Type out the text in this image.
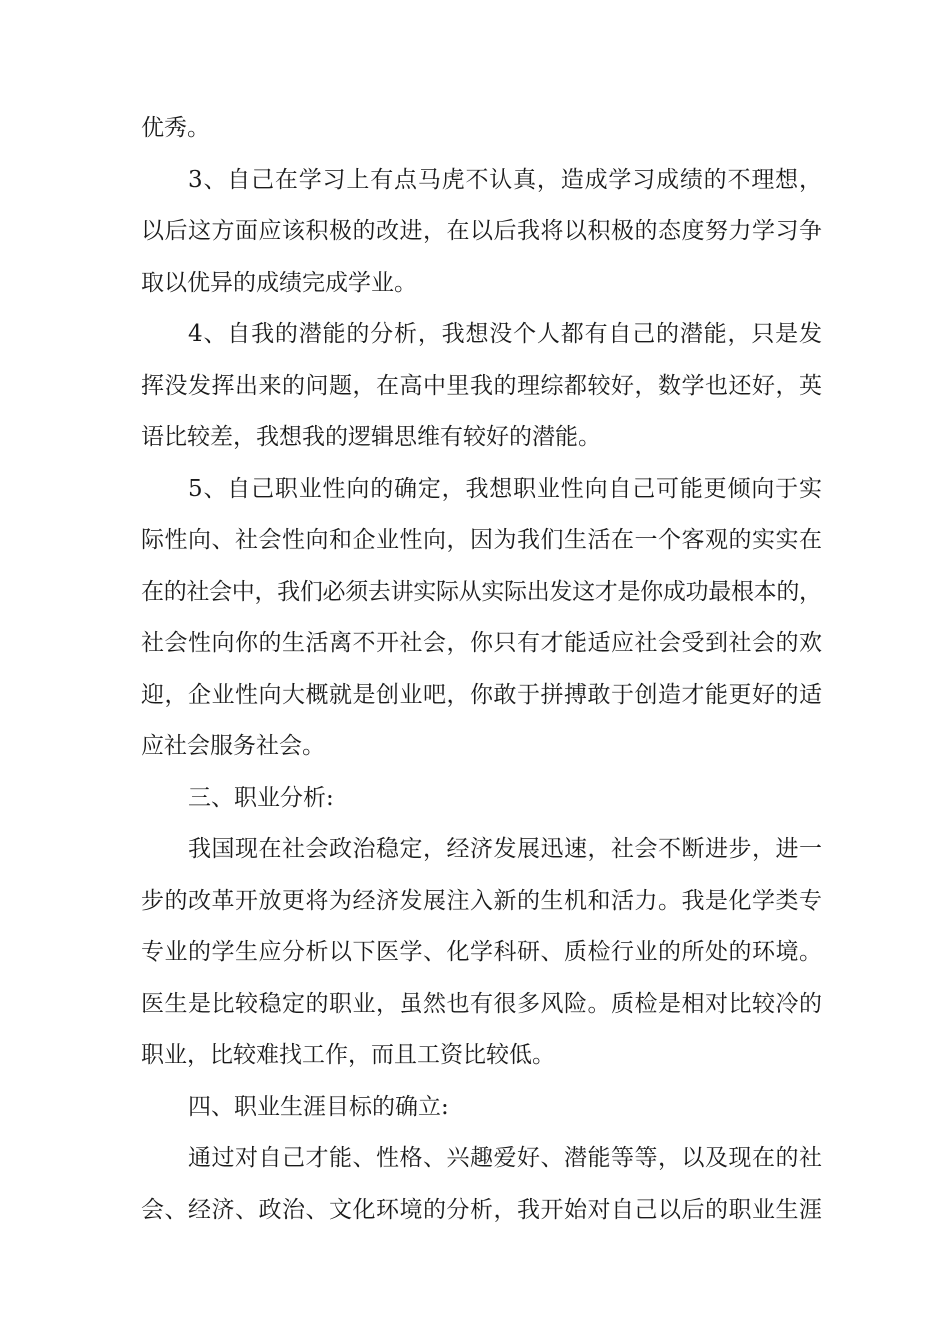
优秀。
3、自己在学习上有点马虎不认真，造成学习成绩的不理想，
以后这方面应该积极的改进，在以后我将以积极的态度努力学习争
取以优异的成绩完成学业。
4、自我的潜能的分析，我想没个人都有自己的潜能，只是发
挥没发挥出来的问题，在高中里我的理综都较好，数学也还好，英
语比较差，我想我的逻辑思维有较好的潜能。
5、自己职业性向的确定，我想职业性向自己可能更倾向于实
际性向、社会性向和企业性向，因为我们生活在一个客观的实实在
在的社会中，我们必须去讲实际从实际出发这才是你成功最根本的，
社会性向你的生活离不开社会，你只有才能适应社会受到社会的欢
迎，企业性向大概就是创业吧，你敢于拼搏敢于创造才能更好的适
应社会服务社会。
三、职业分析:
我国现在社会政治稳定，经济发展迅速，社会不断进步，进一
步的改革开放更将为经济发展注入新的生机和活力。我是化学类专
专业的学生应分析以下医学、化学科研、质检行业的所处的环境。
医生是比较稳定的职业，虽然也有很多风险。质检是相对比较冷的
职业，比较难找工作，而且工资比较低。
四、职业生涯目标的确立:
通过对自己才能、性格、兴趣爱好、潜能等等，以及现在的社
会、经济、政治、文化环境的分析，我开始对自己以后的职业生涯
